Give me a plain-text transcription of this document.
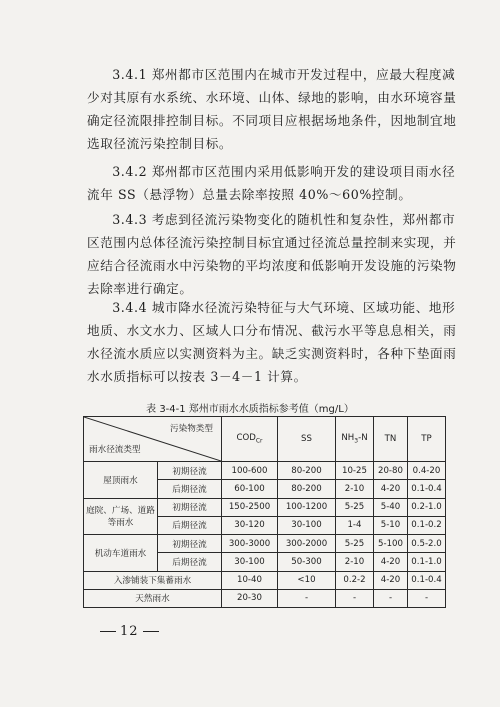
3.4.1 郑州都市区范围内在城市开发过程中，应最大程度减少对其原有水系统、水环境、山体、绿地的影响，由水环境容量确定径流限排控制目标。不同项目应根据场地条件，因地制宜地选取径流污染控制目标。

3.4.2 郑州都市区范围内采用低影响开发的建设项目雨水径流年 SS（悬浮物）总量去除率按照 40%～60%控制。

3.4.3 考虑到径流污染物变化的随机性和复杂性，郑州都市区范围内总体径流污染控制目标宜通过径流总量控制来实现，并应结合径流雨水中污染物的平均浓度和低影响开发设施的污染物去除率进行确定。

3.4.4 城市降水径流污染特征与大气环境、区域功能、地形地质、水文水力、区域人口分布情况、截污水平等息息相关，雨水径流水质应以实测资料为主。缺乏实测资料时，各种下垫面雨水水质指标可以按表 3－4－1 计算。

表 3-4-1 郑州市雨水水质指标参考值（mg/L）
污染物类型
雨水径流类型		$COD_{Cr}$	SS	$NH_3-N$	TN	TP
屋顶雨水	初期径流	100-600	80-200	10-25	20-80	0.4-20
	后期径流	60-100	80-200	2-10	4-20	0.1-0.4
庭院、广场、道路等雨水	初期径流	150-2500	100-1200	5-25	5-40	0.2-1.0
	后期径流	30-120	30-100	1-4	5-10	0.1-0.2
机动车道雨水	初期径流	300-3000	300-2000	5-25	5-100	0.5-2.0
	后期径流	30-100	50-300	2-10	4-20	0.1-1.0
入渗铺装下集蓄雨水		10-40	<10	0.2-2	4-20	0.1-0.4
天然雨水		20-30	-	-	-	-
12
